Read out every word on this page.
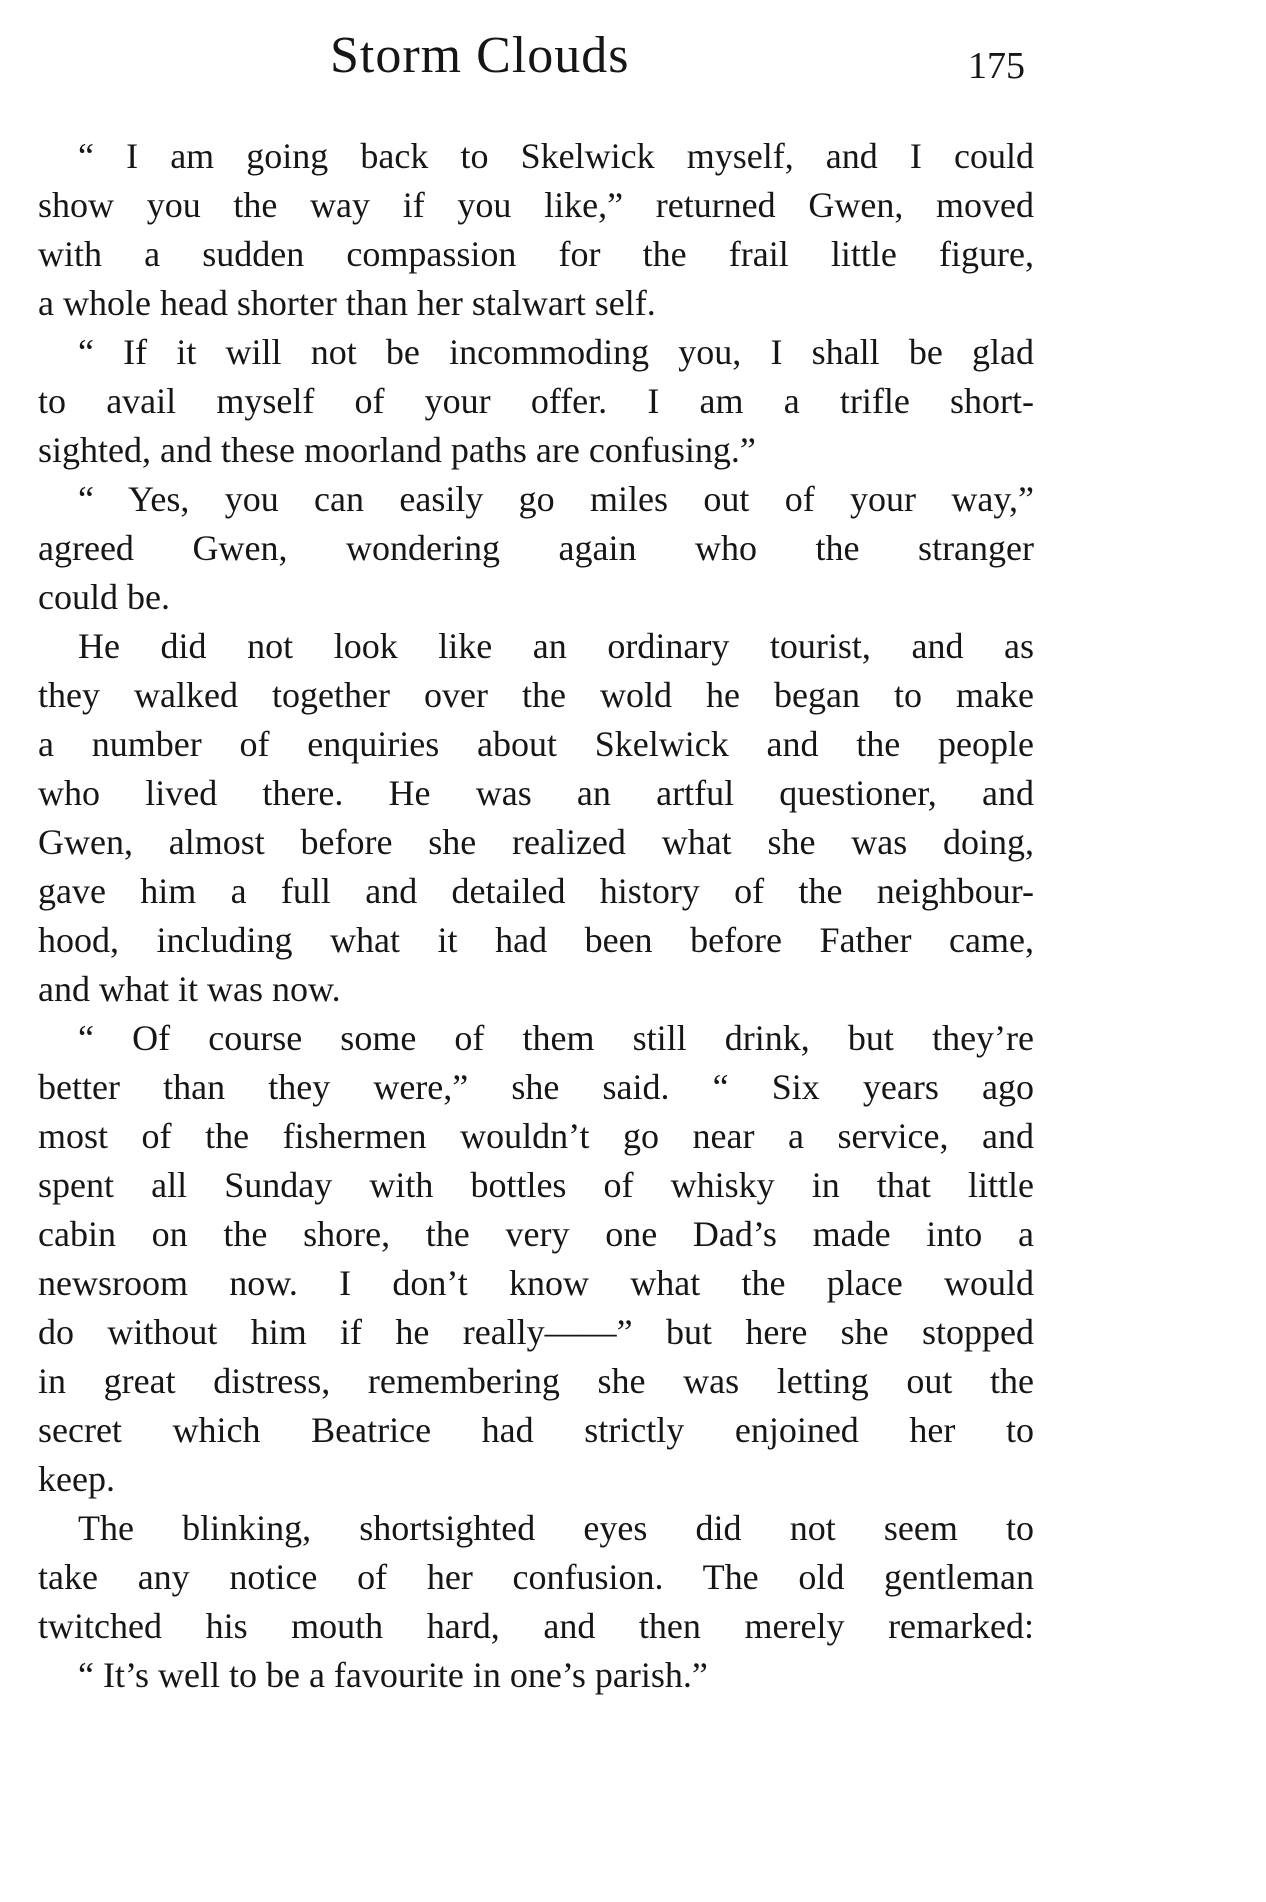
Storm Clouds	175
“ I am going back to Skelwick myself, and I could
show you the way if you like,” returned Gwen, moved
with a sudden compassion for the frail little figure,
a whole head shorter than her stalwart self.
“ If it will not be incommoding you, I shall be glad
to avail myself of your offer. I am a trifle short-
sighted, and these moorland paths are confusing.”
“ Yes, you can easily go miles out of your way,”
agreed Gwen, wondering again who the stranger
could be.
He did not look like an ordinary tourist, and as
they walked together over the wold he began to make
a number of enquiries about Skelwick and the people
who lived there. He was an artful questioner, and
Gwen, almost before she realized what she was doing,
gave him a full and detailed history of the neighbour-
hood, including what it had been before Father came,
and what it was now.
“ Of course some of them still drink, but they’re
better than they were,” she said. “ Six years ago
most of the fishermen wouldn’t go near a service, and
spent all Sunday with bottles of whisky in that little
cabin on the shore, the very one Dad’s made into a
newsroom now. I don’t know what the place would
do without him if he really——” but here she stopped
in great distress, remembering she was letting out the
secret which Beatrice had strictly enjoined her to
keep.
The blinking, shortsighted eyes did not seem to
take any notice of her confusion. The old gentleman
twitched his mouth hard, and then merely remarked:
“ It’s well to be a favourite in one’s parish.”
